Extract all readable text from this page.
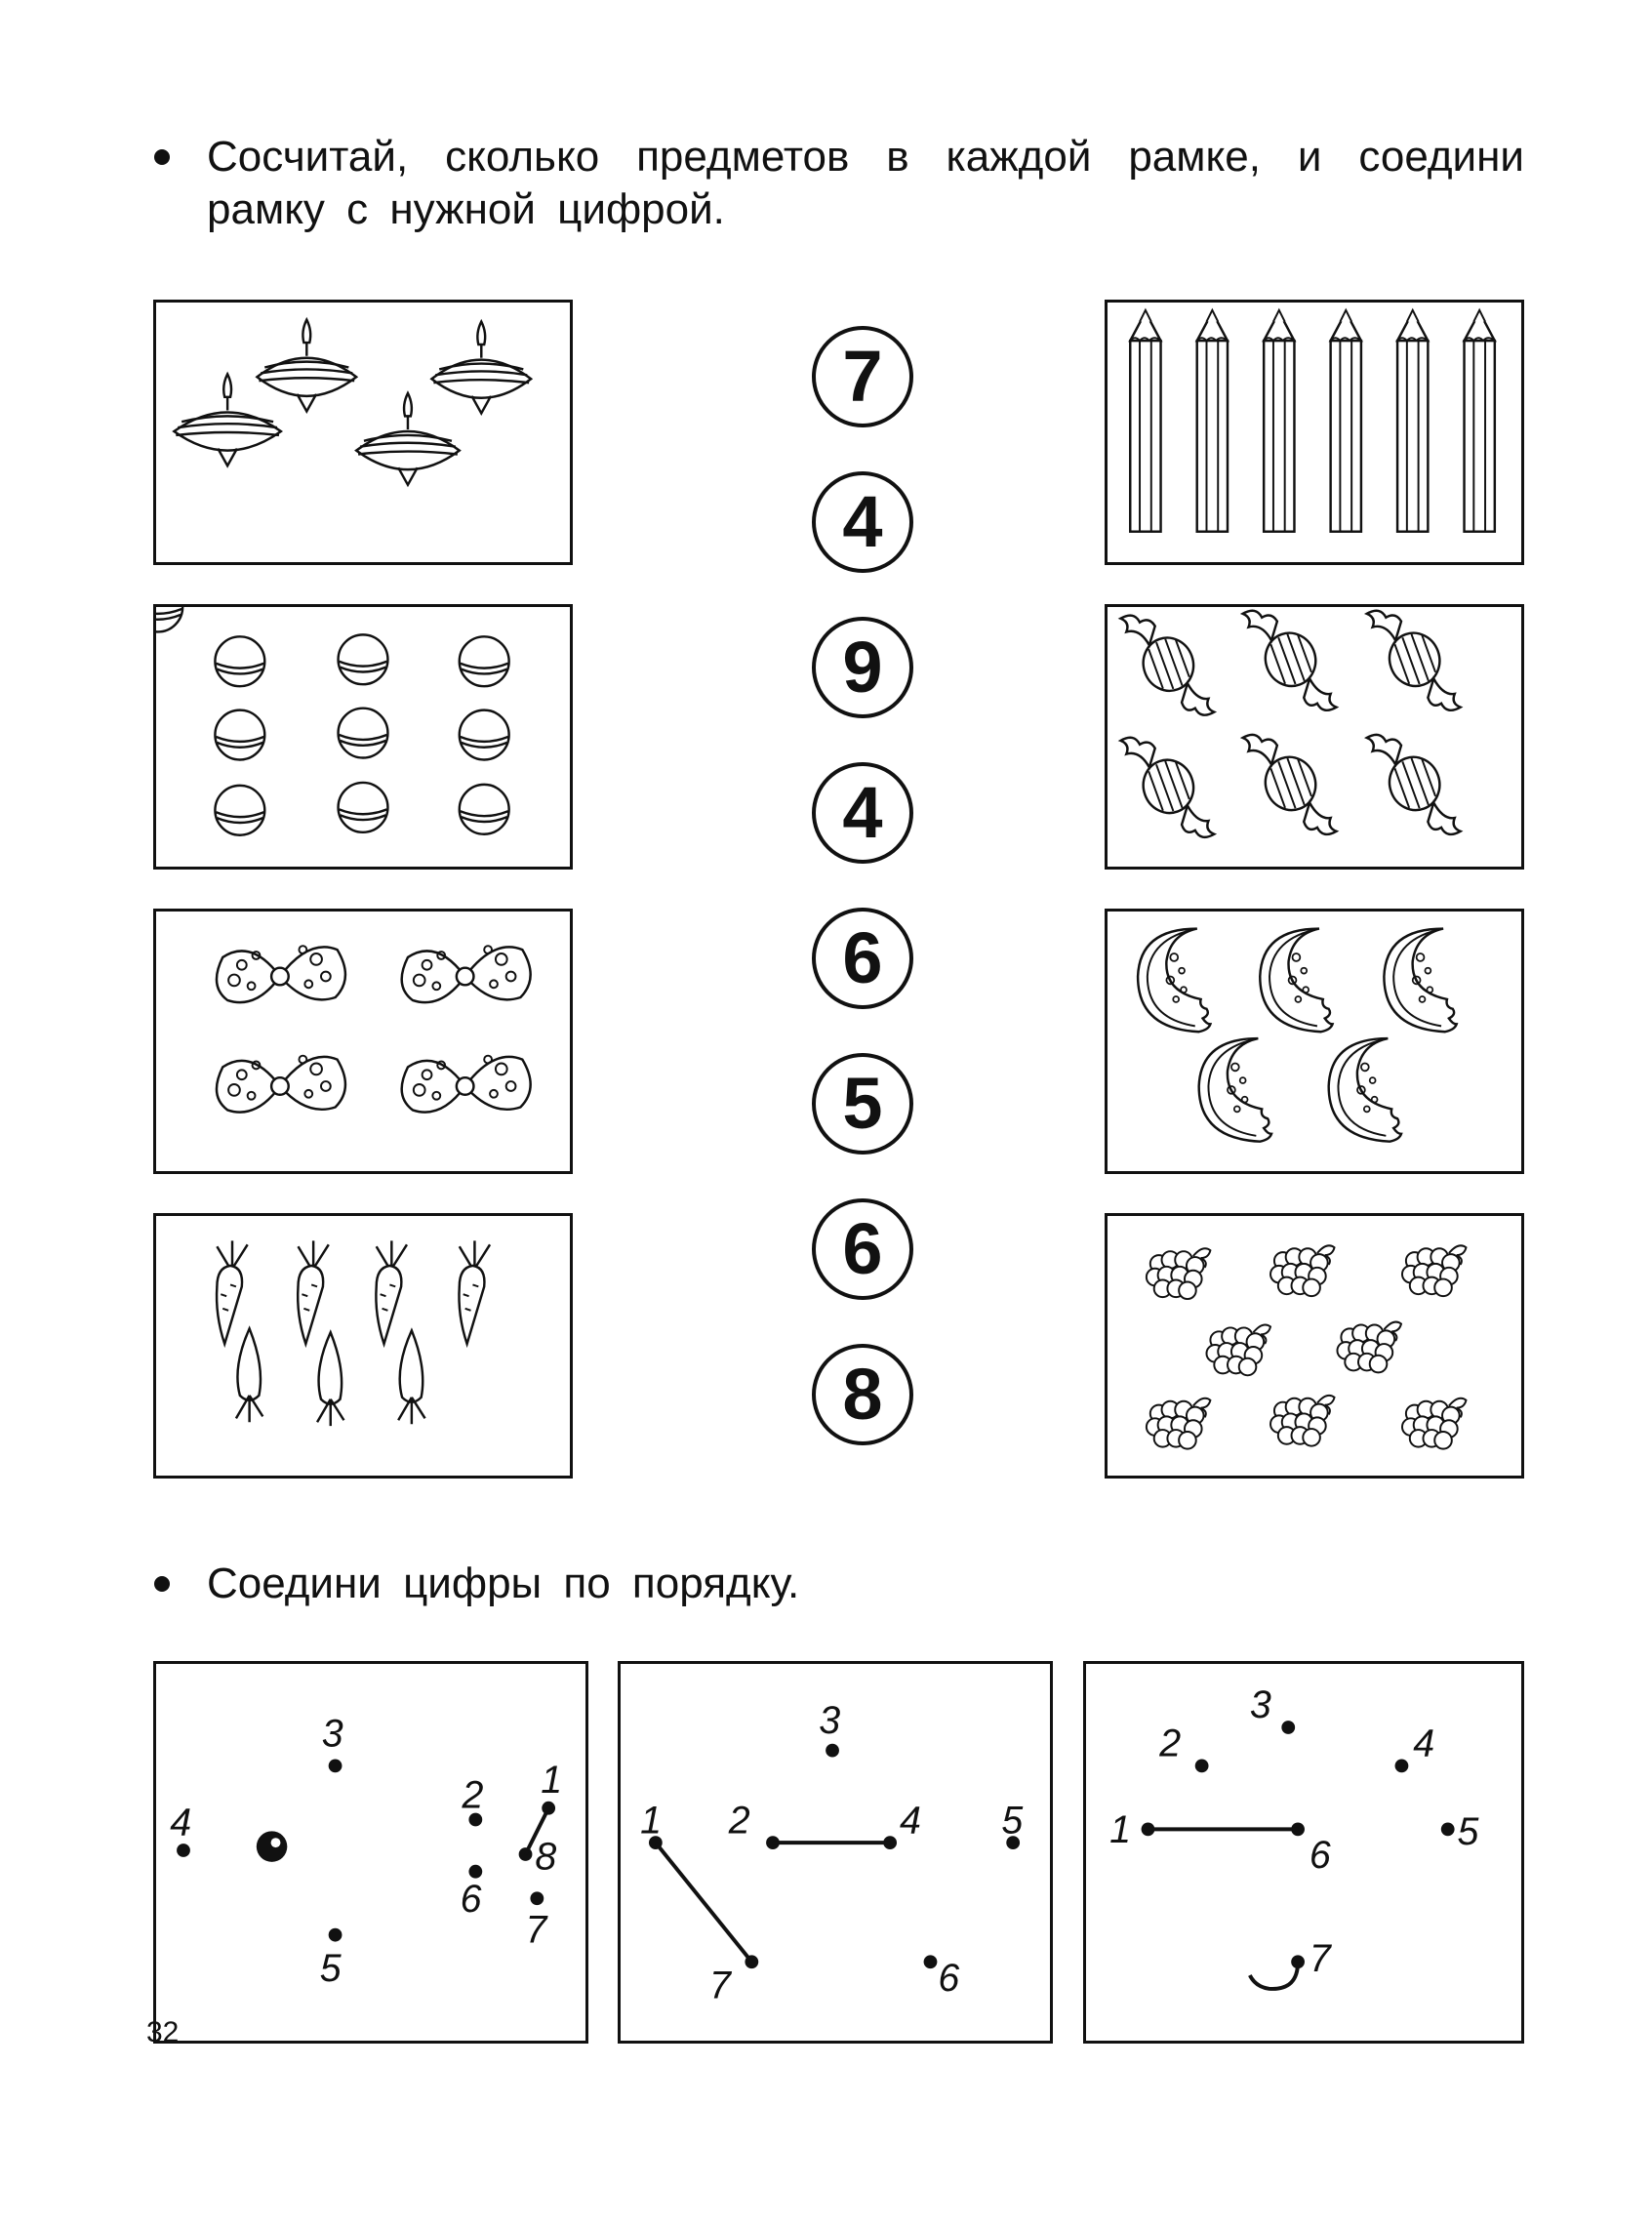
Сосчитай, сколько предметов в каждой рамке, и соедини
рамку с нужной цифрой.
7
4
9
4
6
5
6
8
Соедини цифры по порядку.
1
2
3
4
5
6
7
8
1 2
3
4 5
6
7
1
2
3
4
5
6
7
32
